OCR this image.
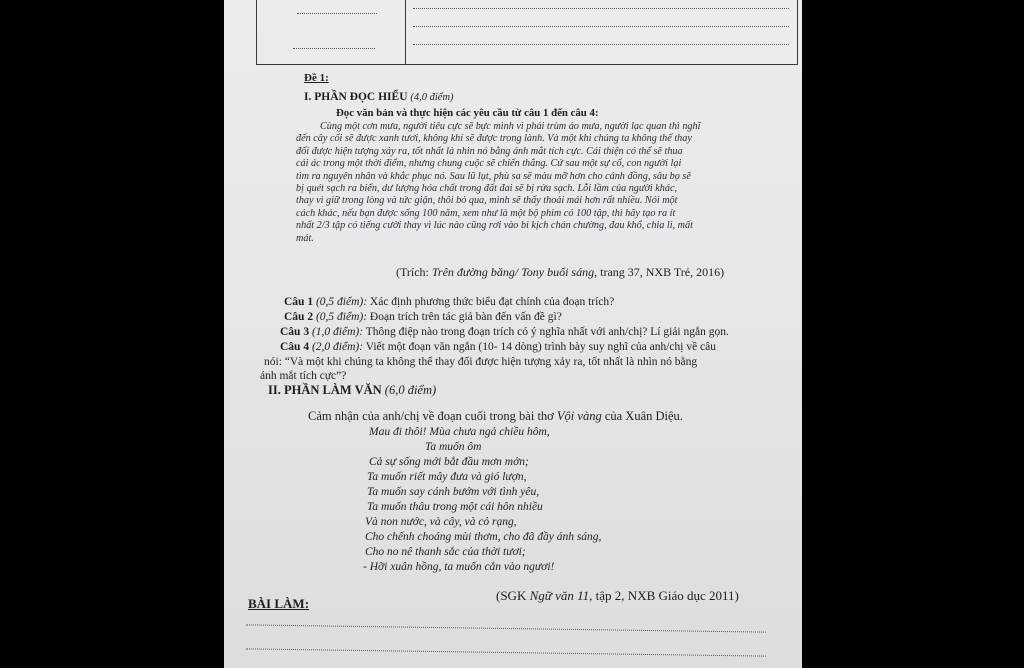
Đề 1:
I. PHẦN ĐỌC HIỂU (4,0 điểm)
Đọc văn bản và thực hiện các yêu cầu từ câu 1 đến câu 4:
Cùng một cơn mưa, người tiêu cực sẽ bực mình vì phải trùm áo mưa, người lạc quan thì nghĩ
đến cây cối sẽ được xanh tươi, không khí sẽ được trong lành. Và một khi chúng ta không thể thay
đổi được hiện tượng xảy ra, tốt nhất là nhìn nó bằng ánh mắt tích cực. Cái thiện có thể sẽ thua
cái ác trong một thời điểm, nhưng chung cuộc sẽ chiến thắng. Cứ sau một sự cố, con người lại
tìm ra nguyên nhân và khắc phục nó. Sau lũ lụt, phù sa sẽ màu mỡ hơn cho cánh đồng, sâu bọ sẽ
bị quét sạch ra biển, dư lượng hóa chất trong đất đai sẽ bị rửa sạch. Lỗi lầm của người khác,
thay vì giữ trong lòng và tức giận, thôi bỏ qua, mình sẽ thấy thoải mái hơn rất nhiều. Nói một
cách khác, nếu bạn được sống 100 năm, xem như là một bộ phim có 100 tập, thì hãy tạo ra ít
nhất 2/3 tập có tiếng cười thay vì lúc nào cũng rơi vào bi kịch chán chường, đau khổ, chia li, mất
mát.
(Trích: Trên đường băng/ Tony buổi sáng, trang 37, NXB Trẻ, 2016)
Câu 1 (0,5 điểm): Xác định phương thức biểu đạt chính của đoạn trích?
Câu 2 (0,5 điểm): Đoạn trích trên tác giả bàn đến vấn đề gì?
Câu 3 (1,0 điểm): Thông điệp nào trong đoạn trích có ý nghĩa nhất với anh/chị? Lí giải ngắn gọn.
Câu 4 (2,0 điểm): Viết một đoạn văn ngắn (10- 14 dòng) trình bày suy nghĩ của anh/chị về câu
nói: “Và một khi chúng ta không thể thay đổi được hiện tượng xảy ra, tốt nhất là nhìn nó bằng
ánh mắt tích cực”?
II. PHẦN LÀM VĂN (6,0 điểm)
Cảm nhận của anh/chị về đoạn cuối trong bài thơ Vội vàng của Xuân Diệu.
Mau đi thôi! Mùa chưa ngả chiều hôm,
Ta muốn ôm
Cả sự sống mới bắt đầu mơn mởn;
Ta muốn riết mây đưa và gió lượn,
Ta muốn say cánh bướm với tình yêu,
Ta muốn thâu trong một cái hôn nhiều
Và non nước, và cây, và cỏ rạng,
Cho chếnh choáng mùi thơm, cho đã đầy ánh sáng,
Cho no nê thanh sắc của thời tươi;
- Hỡi xuân hồng, ta muốn cắn vào ngươi!
(SGK Ngữ văn 11, tập 2, NXB Giáo dục 2011)
BÀI LÀM:
